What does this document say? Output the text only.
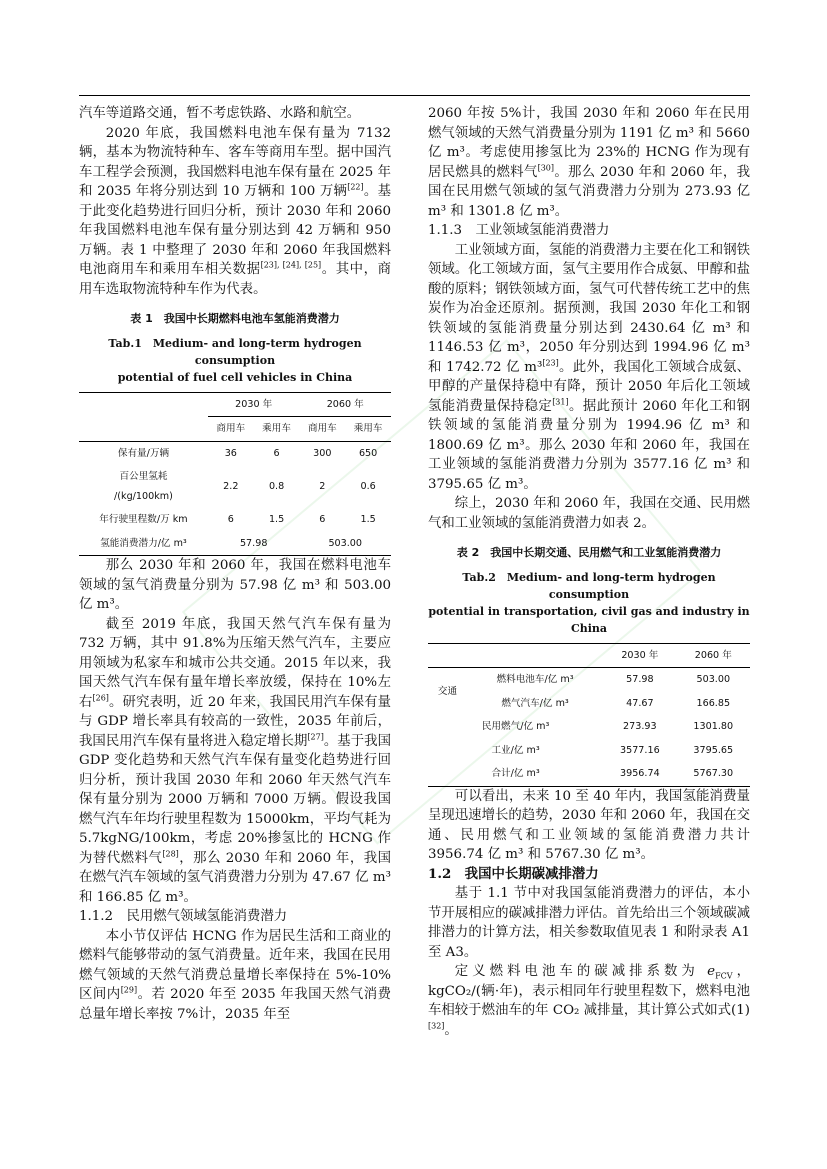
汽车等道路交通，暂不考虑铁路、水路和航空。

2020 年底，我国燃料电池车保有量为 7132 辆，基本为物流特种车、客车等商用车型。据中国汽车工程学会预测，我国燃料电池车保有量在 2025 年和 2035 年将分别达到 10 万辆和 100 万辆[22]。基于此变化趋势进行回归分析，预计 2030 年和 2060 年我国燃料电池车保有量分别达到 42 万辆和 950 万辆。表 1 中整理了 2030 年和 2060 年我国燃料电池商用车和乘用车相关数据[23], [24], [25]。其中，商用车选取物流特种车作为代表。

表 1　我国中长期燃料电池车氢能消费潜力
Tab.1　Medium- and long-term hydrogen consumption
potential of fuel cell vehicles in China
	2030 年		2060 年	
	商用车	乘用车	商用车	乘用车
保有量/万辆	36	6	300	650
百公里氢耗
/(kg/100km)	2.2	0.8	2	0.6
年行驶里程数/万 km	6	1.5	6	1.5
氢能消费潜力/亿 m³	57.98		503.00	

那么 2030 年和 2060 年，我国在燃料电池车领域的氢气消费量分别为 57.98 亿 m³ 和 503.00 亿 m³。

截至 2019 年底，我国天然气汽车保有量为 732 万辆，其中 91.8%为压缩天然气汽车，主要应用领域为私家车和城市公共交通。2015 年以来，我国天然气汽车保有量年增长率放缓，保持在 10%左右[26]。研究表明，近 20 年来，我国民用汽车保有量与 GDP 增长率具有较高的一致性，2035 年前后，我国民用汽车保有量将进入稳定增长期[27]。基于我国 GDP 变化趋势和天然气汽车保有量变化趋势进行回归分析，预计我国 2030 年和 2060 年天然气汽车保有量分别为 2000 万辆和 7000 万辆。假设我国燃气汽车年均行驶里程数为 15000km，平均气耗为 5.7kgNG/100km，考虑 20%掺氢比的 HCNG 作为替代燃料气[28]，那么 2030 年和 2060 年，我国在燃气汽车领域的氢气消费潜力分别为 47.67 亿 m³ 和 166.85 亿 m³。

1.1.2　民用燃气领域氢能消费潜力

本小节仅评估 HCNG 作为居民生活和工商业的燃料气能够带动的氢气消费量。近年来，我国在民用燃气领域的天然气消费总量增长率保持在 5%-10%区间内[29]。若 2020 年至 2035 年我国天然气消费总量年增长率按 7%计，2035 年至

2060 年按 5%计，我国 2030 年和 2060 年在民用燃气领域的天然气消费量分别为 1191 亿 m³ 和 5660 亿 m³。考虑使用掺氢比为 23%的 HCNG 作为现有居民燃具的燃料气[30]。那么 2030 年和 2060 年，我国在民用燃气领域的氢气消费潜力分别为 273.93 亿 m³ 和 1301.8 亿 m³。

1.1.3　工业领域氢能消费潜力

工业领域方面，氢能的消费潜力主要在化工和钢铁领域。化工领域方面，氢气主要用作合成氨、甲醇和盐酸的原料；钢铁领域方面，氢气可代替传统工艺中的焦炭作为冶金还原剂。据预测，我国 2030 年化工和钢铁领域的氢能消费量分别达到 2430.64 亿 m³ 和 1146.53 亿 m³，2050 年分别达到 1994.96 亿 m³ 和 1742.72 亿 m³[23]。此外，我国化工领域合成氨、甲醇的产量保持稳中有降，预计 2050 年后化工领域氢能消费量保持稳定[31]。据此预计 2060 年化工和钢铁领域的氢能消费量分别为 1994.96 亿 m³ 和 1800.69 亿 m³。那么 2030 年和 2060 年，我国在工业领域的氢能消费潜力分别为 3577.16 亿 m³ 和 3795.65 亿 m³。

综上，2030 年和 2060 年，我国在交通、民用燃气和工业领域的氢能消费潜力如表 2。

表 2　我国中长期交通、民用燃气和工业氢能消费潜力
Tab.2　Medium- and long-term hydrogen consumption
potential in transportation, civil gas and industry in
China
		2030 年	2060 年
交通	燃料电池车/亿 m³	57.98	503.00
	燃气汽车/亿 m³	47.67	166.85
民用燃气/亿 m³		273.93	1301.80
工业/亿 m³		3577.16	3795.65
合计/亿 m³		3956.74	5767.30

可以看出，未来 10 至 40 年内，我国氢能消费量呈现迅速增长的趋势，2030 年和 2060 年，我国在交通、民用燃气和工业领域的氢能消费潜力共计 3956.74 亿 m³ 和 5767.30 亿 m³。

1.2　我国中长期碳减排潜力

基于 1.1 节中对我国氢能消费潜力的评估，本小节开展相应的碳减排潜力评估。首先给出三个领域碳减排潜力的计算方法，相关参数取值见表 1 和附录表 A1 至 A3。

定义燃料电池车的碳减排系数为 $e_{FCV}$，kgCO₂/(辆·年)，表示相同年行驶里程数下，燃料电池车相较于燃油车的年 CO₂ 减排量，其计算公式如式(1)[32]。
